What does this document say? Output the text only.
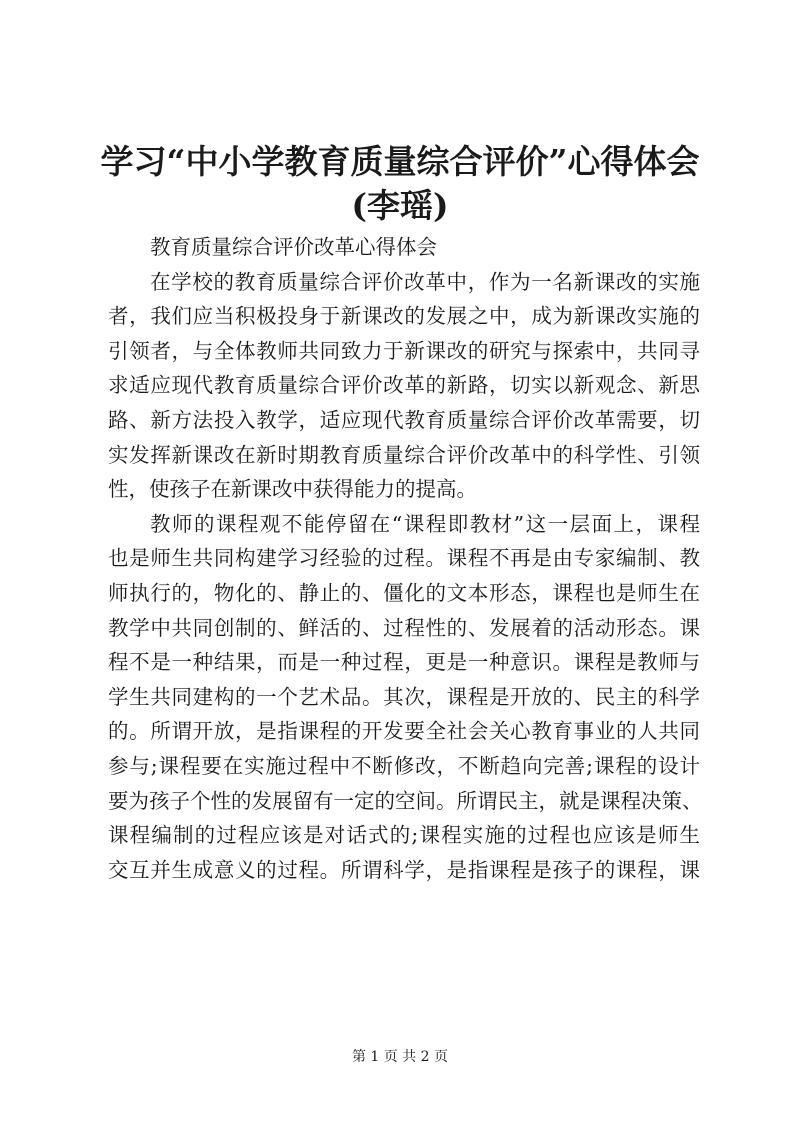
学习“中小学教育质量综合评价”心得体会
(李瑶)
教育质量综合评价改革心得体会
在学校的教育质量综合评价改革中，作为一名新课改的实施
者，我们应当积极投身于新课改的发展之中，成为新课改实施的
引领者，与全体教师共同致力于新课改的研究与探索中，共同寻
求适应现代教育质量综合评价改革的新路，切实以新观念、新思
路、新方法投入教学，适应现代教育质量综合评价改革需要，切
实发挥新课改在新时期教育质量综合评价改革中的科学性、引领
性，使孩子在新课改中获得能力的提高。
教师的课程观不能停留在“课程即教材”这一层面上，课程
也是师生共同构建学习经验的过程。课程不再是由专家编制、教
师执行的，物化的、静止的、僵化的文本形态，课程也是师生在
教学中共同创制的、鲜活的、过程性的、发展着的活动形态。课
程不是一种结果，而是一种过程，更是一种意识。课程是教师与
学生共同建构的一个艺术品。其次，课程是开放的、民主的科学
的。所谓开放，是指课程的开发要全社会关心教育事业的人共同
参与;课程要在实施过程中不断修改，不断趋向完善;课程的设计
要为孩子个性的发展留有一定的空间。所谓民主，就是课程决策、
课程编制的过程应该是对话式的;课程实施的过程也应该是师生
交互并生成意义的过程。所谓科学，是指课程是孩子的课程，课
第 1 页 共 2 页
